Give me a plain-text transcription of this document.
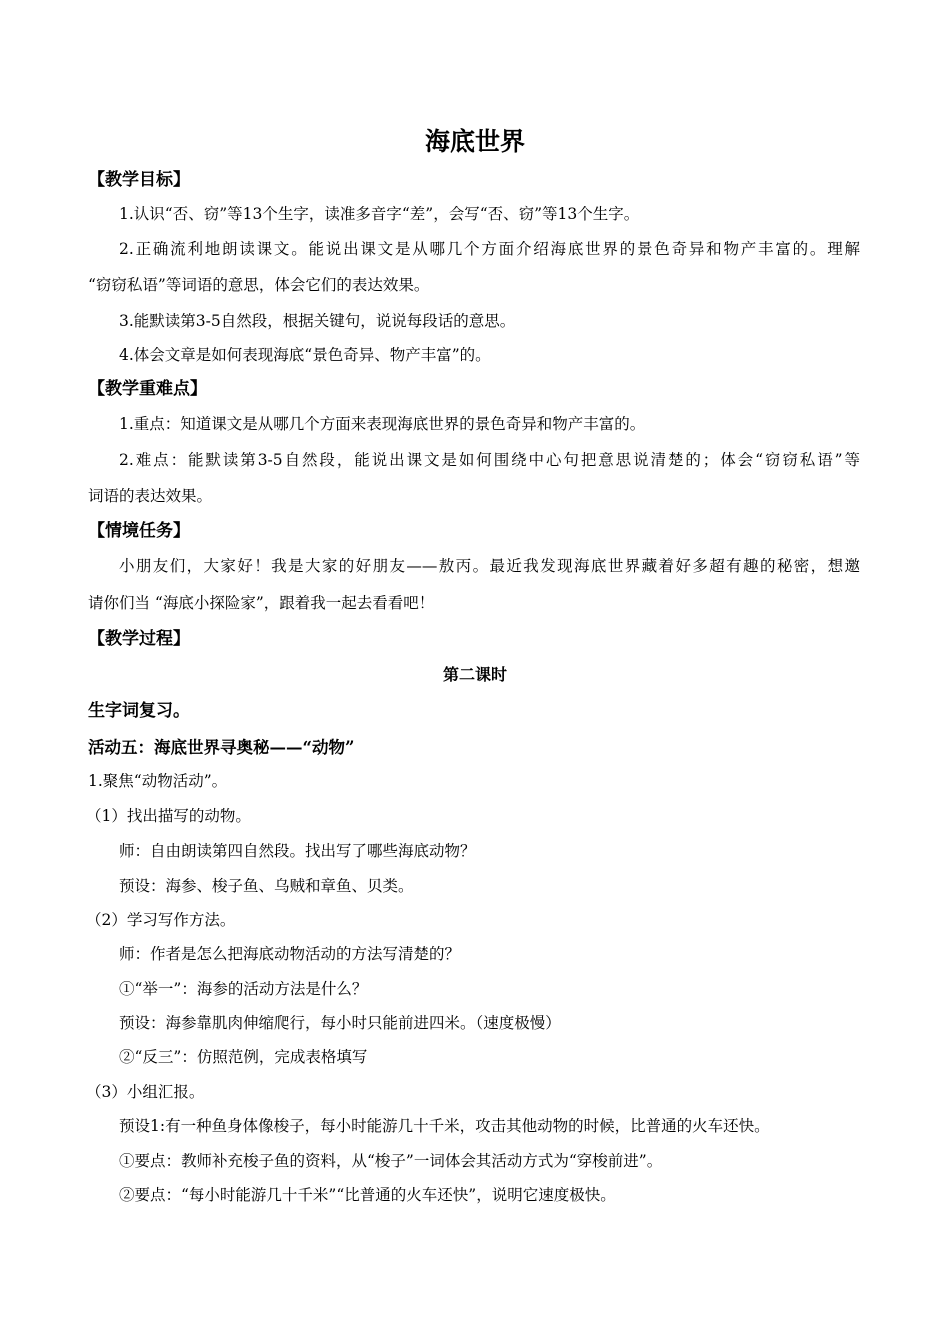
海底世界
【教学目标】
1.认识“否、窃”等13个生字，读准多音字“差”，会写“否、窃”等13个生字。
2.正确流利地朗读课文。能说出课文是从哪几个方面介绍海底世界的景色奇异和物产丰富的。理解
“窃窃私语”等词语的意思，体会它们的表达效果。
3.能默读第3-5自然段，根据关键句，说说每段话的意思。
4.体会文章是如何表现海底“景色奇异、物产丰富”的。
【教学重难点】
1.重点：知道课文是从哪几个方面来表现海底世界的景色奇异和物产丰富的。
2.难点：能默读第3-5自然段，能说出课文是如何围绕中心句把意思说清楚的；体会“窃窃私语”等
词语的表达效果。
【情境任务】
小朋友们，大家好！我是大家的好朋友——敖丙。最近我发现海底世界藏着好多超有趣的秘密，想邀
请你们当 “海底小探险家”，跟着我一起去看看吧！
【教学过程】
第二课时
生字词复习。
活动五：海底世界寻奥秘——“动物”
1.聚焦“动物活动”。
（1）找出描写的动物。
师：自由朗读第四自然段。找出写了哪些海底动物？
预设：海参、梭子鱼、乌贼和章鱼、贝类。
（2）学习写作方法。
师：作者是怎么把海底动物活动的方法写清楚的？
①“举一”：海参的活动方法是什么？
预设：海参靠肌肉伸缩爬行，每小时只能前进四米。（速度极慢）
②“反三”：仿照范例，完成表格填写
（3）小组汇报。
预设1:有一种鱼身体像梭子，每小时能游几十千米，攻击其他动物的时候，比普通的火车还快。
①要点：教师补充梭子鱼的资料，从“梭子”一词体会其活动方式为“穿梭前进”。
②要点：“每小时能游几十千米”“比普通的火车还快”，说明它速度极快。
